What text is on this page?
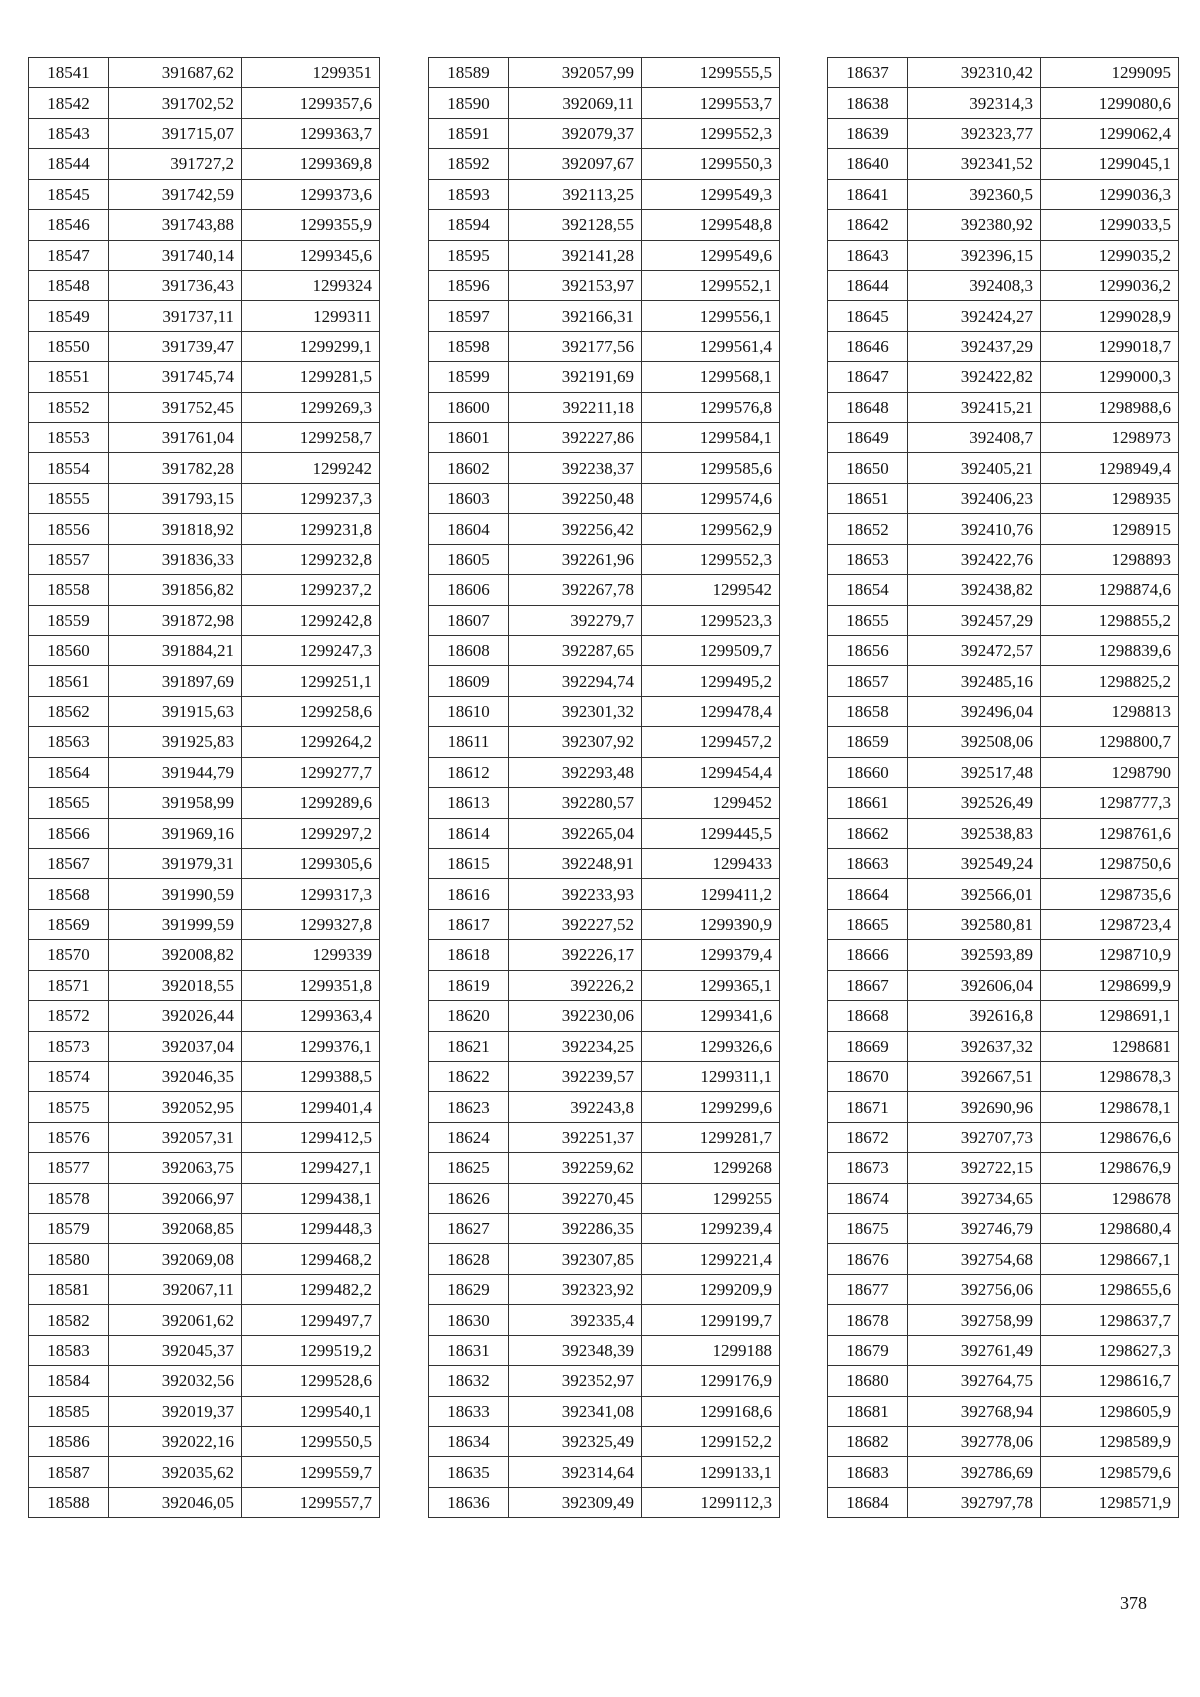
18541	391687,62	1299351
18542	391702,52	1299357,6
18543	391715,07	1299363,7
18544	391727,2	1299369,8
18545	391742,59	1299373,6
18546	391743,88	1299355,9
18547	391740,14	1299345,6
18548	391736,43	1299324
18549	391737,11	1299311
18550	391739,47	1299299,1
18551	391745,74	1299281,5
18552	391752,45	1299269,3
18553	391761,04	1299258,7
18554	391782,28	1299242
18555	391793,15	1299237,3
18556	391818,92	1299231,8
18557	391836,33	1299232,8
18558	391856,82	1299237,2
18559	391872,98	1299242,8
18560	391884,21	1299247,3
18561	391897,69	1299251,1
18562	391915,63	1299258,6
18563	391925,83	1299264,2
18564	391944,79	1299277,7
18565	391958,99	1299289,6
18566	391969,16	1299297,2
18567	391979,31	1299305,6
18568	391990,59	1299317,3
18569	391999,59	1299327,8
18570	392008,82	1299339
18571	392018,55	1299351,8
18572	392026,44	1299363,4
18573	392037,04	1299376,1
18574	392046,35	1299388,5
18575	392052,95	1299401,4
18576	392057,31	1299412,5
18577	392063,75	1299427,1
18578	392066,97	1299438,1
18579	392068,85	1299448,3
18580	392069,08	1299468,2
18581	392067,11	1299482,2
18582	392061,62	1299497,7
18583	392045,37	1299519,2
18584	392032,56	1299528,6
18585	392019,37	1299540,1
18586	392022,16	1299550,5
18587	392035,62	1299559,7
18588	392046,05	1299557,7
18589	392057,99	1299555,5
18590	392069,11	1299553,7
18591	392079,37	1299552,3
18592	392097,67	1299550,3
18593	392113,25	1299549,3
18594	392128,55	1299548,8
18595	392141,28	1299549,6
18596	392153,97	1299552,1
18597	392166,31	1299556,1
18598	392177,56	1299561,4
18599	392191,69	1299568,1
18600	392211,18	1299576,8
18601	392227,86	1299584,1
18602	392238,37	1299585,6
18603	392250,48	1299574,6
18604	392256,42	1299562,9
18605	392261,96	1299552,3
18606	392267,78	1299542
18607	392279,7	1299523,3
18608	392287,65	1299509,7
18609	392294,74	1299495,2
18610	392301,32	1299478,4
18611	392307,92	1299457,2
18612	392293,48	1299454,4
18613	392280,57	1299452
18614	392265,04	1299445,5
18615	392248,91	1299433
18616	392233,93	1299411,2
18617	392227,52	1299390,9
18618	392226,17	1299379,4
18619	392226,2	1299365,1
18620	392230,06	1299341,6
18621	392234,25	1299326,6
18622	392239,57	1299311,1
18623	392243,8	1299299,6
18624	392251,37	1299281,7
18625	392259,62	1299268
18626	392270,45	1299255
18627	392286,35	1299239,4
18628	392307,85	1299221,4
18629	392323,92	1299209,9
18630	392335,4	1299199,7
18631	392348,39	1299188
18632	392352,97	1299176,9
18633	392341,08	1299168,6
18634	392325,49	1299152,2
18635	392314,64	1299133,1
18636	392309,49	1299112,3
18637	392310,42	1299095
18638	392314,3	1299080,6
18639	392323,77	1299062,4
18640	392341,52	1299045,1
18641	392360,5	1299036,3
18642	392380,92	1299033,5
18643	392396,15	1299035,2
18644	392408,3	1299036,2
18645	392424,27	1299028,9
18646	392437,29	1299018,7
18647	392422,82	1299000,3
18648	392415,21	1298988,6
18649	392408,7	1298973
18650	392405,21	1298949,4
18651	392406,23	1298935
18652	392410,76	1298915
18653	392422,76	1298893
18654	392438,82	1298874,6
18655	392457,29	1298855,2
18656	392472,57	1298839,6
18657	392485,16	1298825,2
18658	392496,04	1298813
18659	392508,06	1298800,7
18660	392517,48	1298790
18661	392526,49	1298777,3
18662	392538,83	1298761,6
18663	392549,24	1298750,6
18664	392566,01	1298735,6
18665	392580,81	1298723,4
18666	392593,89	1298710,9
18667	392606,04	1298699,9
18668	392616,8	1298691,1
18669	392637,32	1298681
18670	392667,51	1298678,3
18671	392690,96	1298678,1
18672	392707,73	1298676,6
18673	392722,15	1298676,9
18674	392734,65	1298678
18675	392746,79	1298680,4
18676	392754,68	1298667,1
18677	392756,06	1298655,6
18678	392758,99	1298637,7
18679	392761,49	1298627,3
18680	392764,75	1298616,7
18681	392768,94	1298605,9
18682	392778,06	1298589,9
18683	392786,69	1298579,6
18684	392797,78	1298571,9
378
